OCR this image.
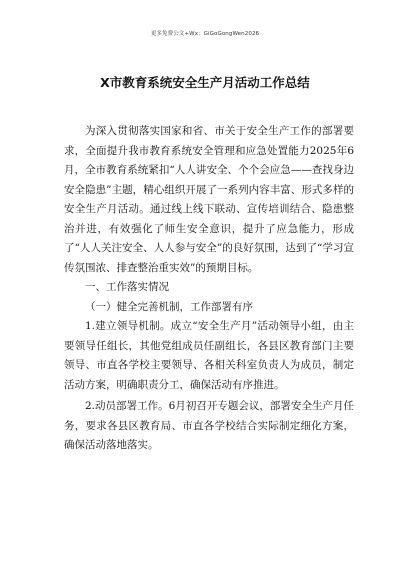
更多免费公文+Wx：GiGoGongWen2026
X市教育系统安全生产月活动工作总结

为深入贯彻落实国家和省、市关于安全生产工作的部署要求，全面提升我市教育系统安全管理和应急处置能力2025年6月，全市教育系统紧扣“人人讲安全、个个会应急——查找身边安全隐患”主题，精心组织开展了一系列内容丰富、形式多样的安全生产月活动。通过线上线下联动、宣传培训结合、隐患整治并进，有效强化了师生安全意识，提升了应急能力，形成了“人人关注安全、人人参与安全”的良好氛围，达到了“学习宣传氛围浓、排查整治重实效”的预期目标。

一、工作落实情况

（一）健全完善机制，工作部署有序

1.建立领导机制。成立“安全生产月”活动领导小组，由主要领导任组长，其他党组成员任副组长，各县区教育部门主要领导、市直各学校主要领导、各相关科室负责人为成员，制定活动方案，明确职责分工，确保活动有序推进。

2.动员部署工作。6月初召开专题会议，部署安全生产月任务，要求各县区教育局、市直各学校结合实际制定细化方案，确保活动落地落实。
